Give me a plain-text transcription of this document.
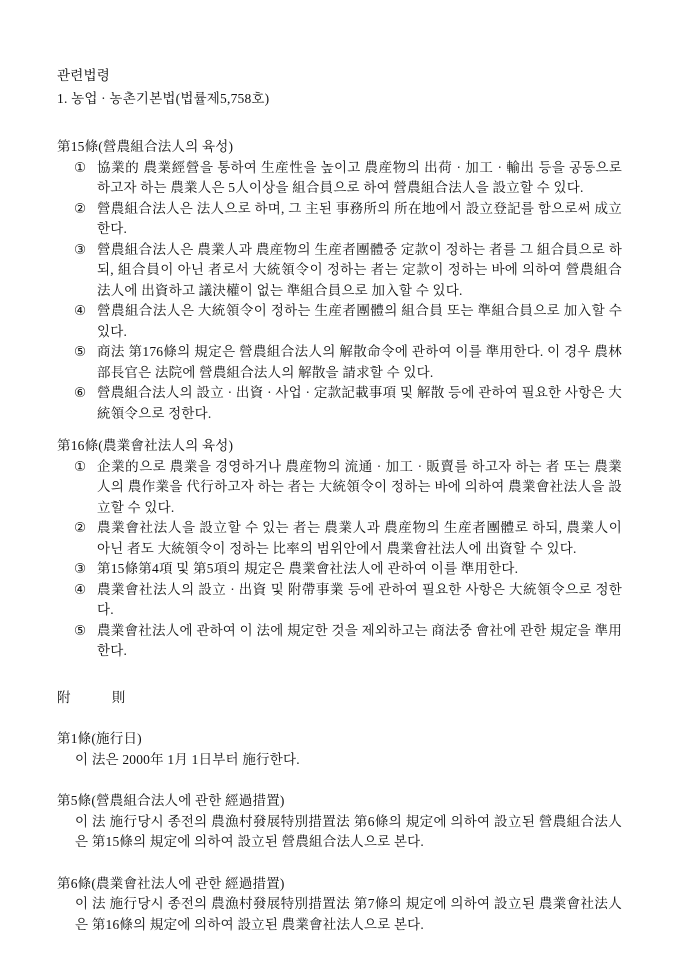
관련법령
1. 농업 · 농촌기본법(법률제5,758호)
第15條(營農組合法人의 육성)
① 協業的 農業經營을 통하여 生産性을 높이고 農産物의 出荷 · 加工 · 輸出 등을 공동으로 하고자 하는 農業人은 5人이상을 組合員으로 하여 營農組合法人을 設立할 수 있다.
② 營農組合法人은 法人으로 하며, 그 主된 事務所의 所在地에서 設立登記를 함으로써 成立한다.
③ 營農組合法人은 農業人과 農産物의 生産者團體중 定款이 정하는 者를 그 組合員으로 하되, 組合員이 아닌 者로서 大統領令이 정하는 者는 定款이 정하는 바에 의하여 營農組合法人에 出資하고 議決權이 없는 準組合員으로 加入할 수 있다.
④ 營農組合法人은 大統領令이 정하는 生産者團體의 組合員 또는 準組合員으로 加入할 수 있다.
⑤ 商法 第176條의 規定은 營農組合法人의 解散命令에 관하여 이를 準用한다. 이 경우 農林部長官은 法院에 營農組合法人의 解散을 請求할 수 있다.
⑥ 營農組合法人의 設立 · 出資 · 사업 · 定款記載事項 및 解散 등에 관하여 필요한 사항은 大統領令으로 정한다.
第16條(農業會社法人의 육성)
① 企業的으로 農業을 경영하거나 農産物의 流通 · 加工 · 販賣를 하고자 하는 者 또는 農業人의 農作業을 代行하고자 하는 者는 大統領令이 정하는 바에 의하여 農業會社法人을 設立할 수 있다.
② 農業會社法人을 設立할 수 있는 者는 農業人과 農産物의 生産者團體로 하되, 農業人이 아닌 者도 大統領令이 정하는 比率의 범위안에서 農業會社法人에 出資할 수 있다.
③ 第15條第4項 및 第5項의 規定은 農業會社法人에 관하여 이를 準用한다.
④ 農業會社法人의 設立 · 出資 및 附帶事業 등에 관하여 필요한 사항은 大統領令으로 정한다.
⑤ 農業會社法人에 관하여 이 法에 規定한 것을 제외하고는 商法중 會社에 관한 規定을 準用한다.
附　　　則
第1條(施行日)
이 法은 2000年 1月 1日부터 施行한다.
第5條(營農組合法人에 관한 經過措置)
이 法 施行당시 종전의 農漁村發展特別措置法 第6條의 規定에 의하여 設立된 營農組合法人은 第15條의 規定에 의하여 設立된 營農組合法人으로 본다.
第6條(農業會社法人에 관한 經過措置)
이 法 施行당시 종전의 農漁村發展特別措置法 第7條의 規定에 의하여 設立된 農業會社法人은 第16條의 規定에 의하여 設立된 農業會社法人으로 본다.
